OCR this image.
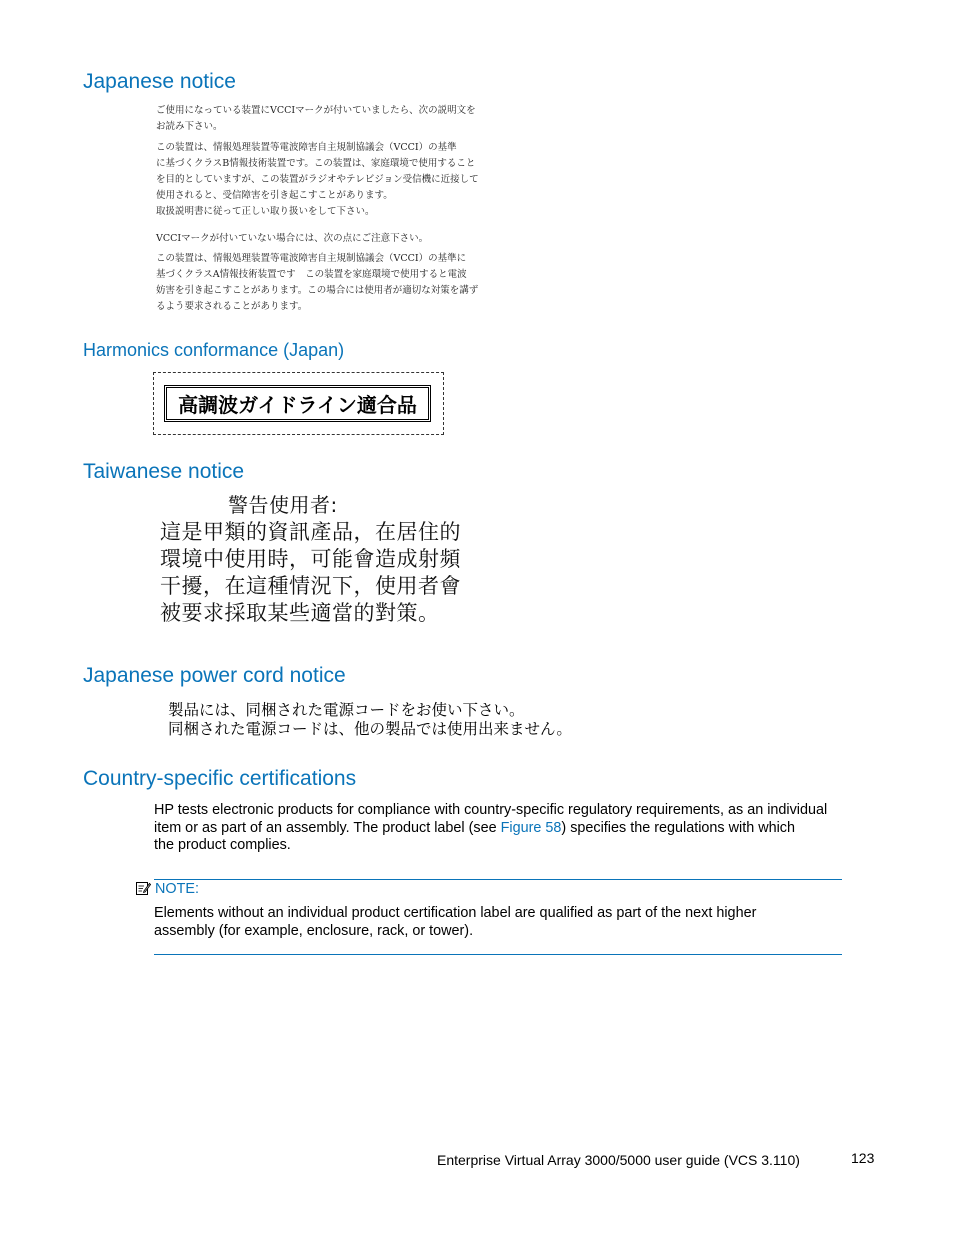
Japanese notice

ご使用になっている装置にVCCIマークが付いていましたら、次の説明文を

お読み下さい。

この装置は、情報処理装置等電波障害自主規制協議会（VCCI）の基準

に基づくクラスB情報技術装置です。この装置は、家庭環境で使用すること

を目的としていますが、この装置がラジオやテレビジョン受信機に近接して

使用されると、受信障害を引き起こすことがあります。

取扱説明書に従って正しい取り扱いをして下さい。

VCCIマークが付いていない場合には、次の点にご注意下さい。

この装置は、情報処理装置等電波障害自主規制協議会（VCCI）の基準に

基づくクラスA情報技術装置です　この装置を家庭環境で使用すると電波

妨害を引き起こすことがあります。この場合には使用者が適切な対策を講ず

るよう要求されることがあります。

Harmonics conformance (Japan)
高調波ガイドライン適合品
Taiwanese notice

警告使用者:

這是甲類的資訊產品，在居住的

環境中使用時，可能會造成射頻

干擾，在這種情況下，使用者會

被要求採取某些適當的對策。

Japanese power cord notice

製品には、同梱された電源コードをお使い下さい。

同梱された電源コードは、他の製品では使用出来ません。

Country-specific certifications

HP tests electronic products for compliance with country-specific regulatory requirements, as an individual

item or as part of an assembly. The product label (see Figure 58) specifies the regulations with which

the product complies.

NOTE:

Elements without an individual product certification label are qualified as part of the next higher

assembly (for example, enclosure, rack, or tower).

Enterprise Virtual Array 3000/5000 user guide (VCS 3.110)	123
